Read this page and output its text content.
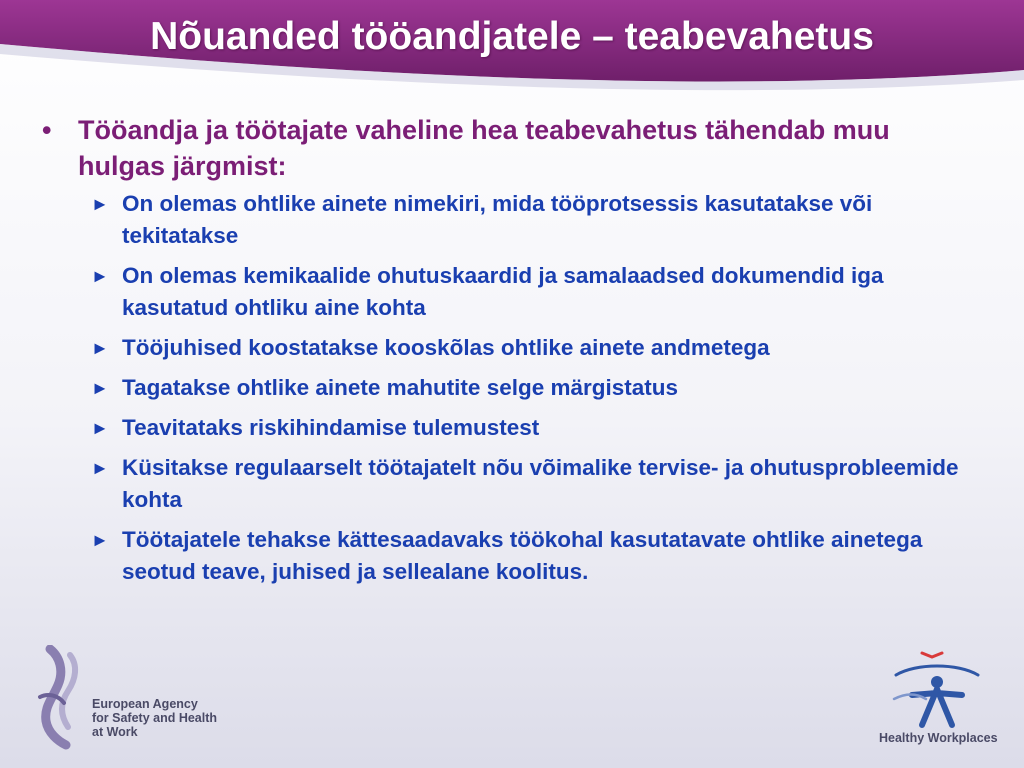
Nõuanded tööandjatele – teabevahetus

• Tööandja ja töötajate vaheline hea teabevahetus tähendab muu hulgas järgmist:

► On olemas ohtlike ainete nimekiri, mida tööprotsessis kasutatakse või tekitatakse
► On olemas kemikaalide ohutuskaardid ja samalaadsed dokumendid iga kasutatud ohtliku aine kohta
► Tööjuhised koostatakse kooskõlas ohtlike ainete andmetega
► Tagatakse ohtlike ainete mahutite selge märgistatus
► Teavitataks riskihindamise tulemustest
► Küsitakse regulaarselt töötajatelt nõu võimalike tervise- ja ohutusprobleemide kohta
► Töötajatele tehakse kättesaadavaks töökohal kasutatavate ohtlike ainetega seotud teave, juhised ja sellealane koolitus.
European Agency
for Safety and Health
at Work	Healthy Workplaces
